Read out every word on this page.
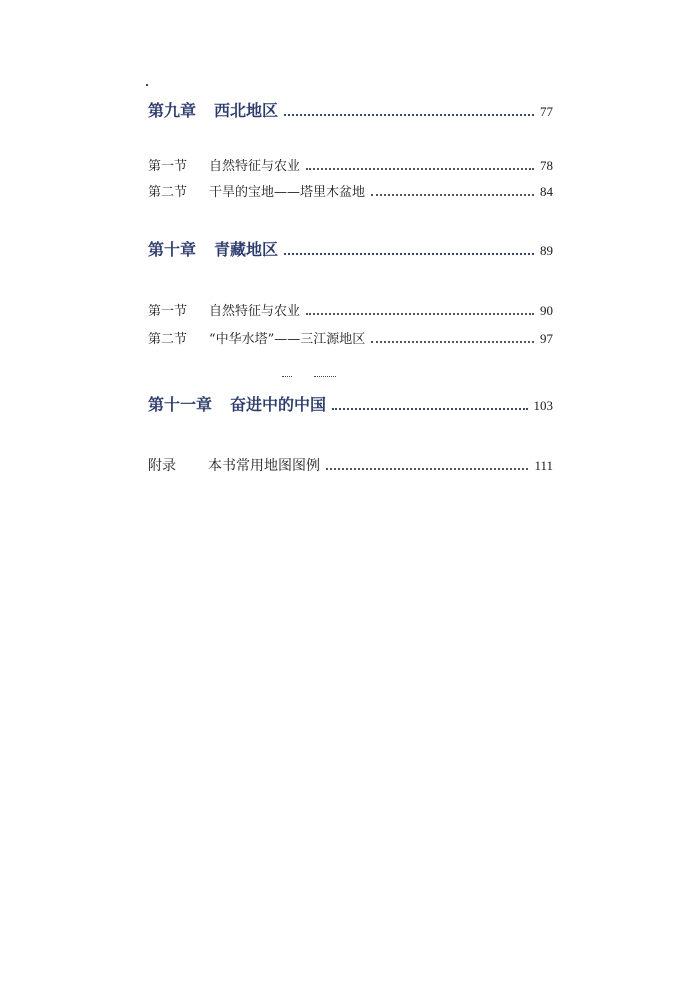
第九章	西北地区	77
第一节	自然特征与农业	78
第二节	干旱的宝地——塔里木盆地	84
第十章	青藏地区	89
第一节	自然特征与农业	90
第二节	“中华水塔”——三江源地区	97
第十一章	奋进中的中国	103
附录	本书常用地图图例	111
